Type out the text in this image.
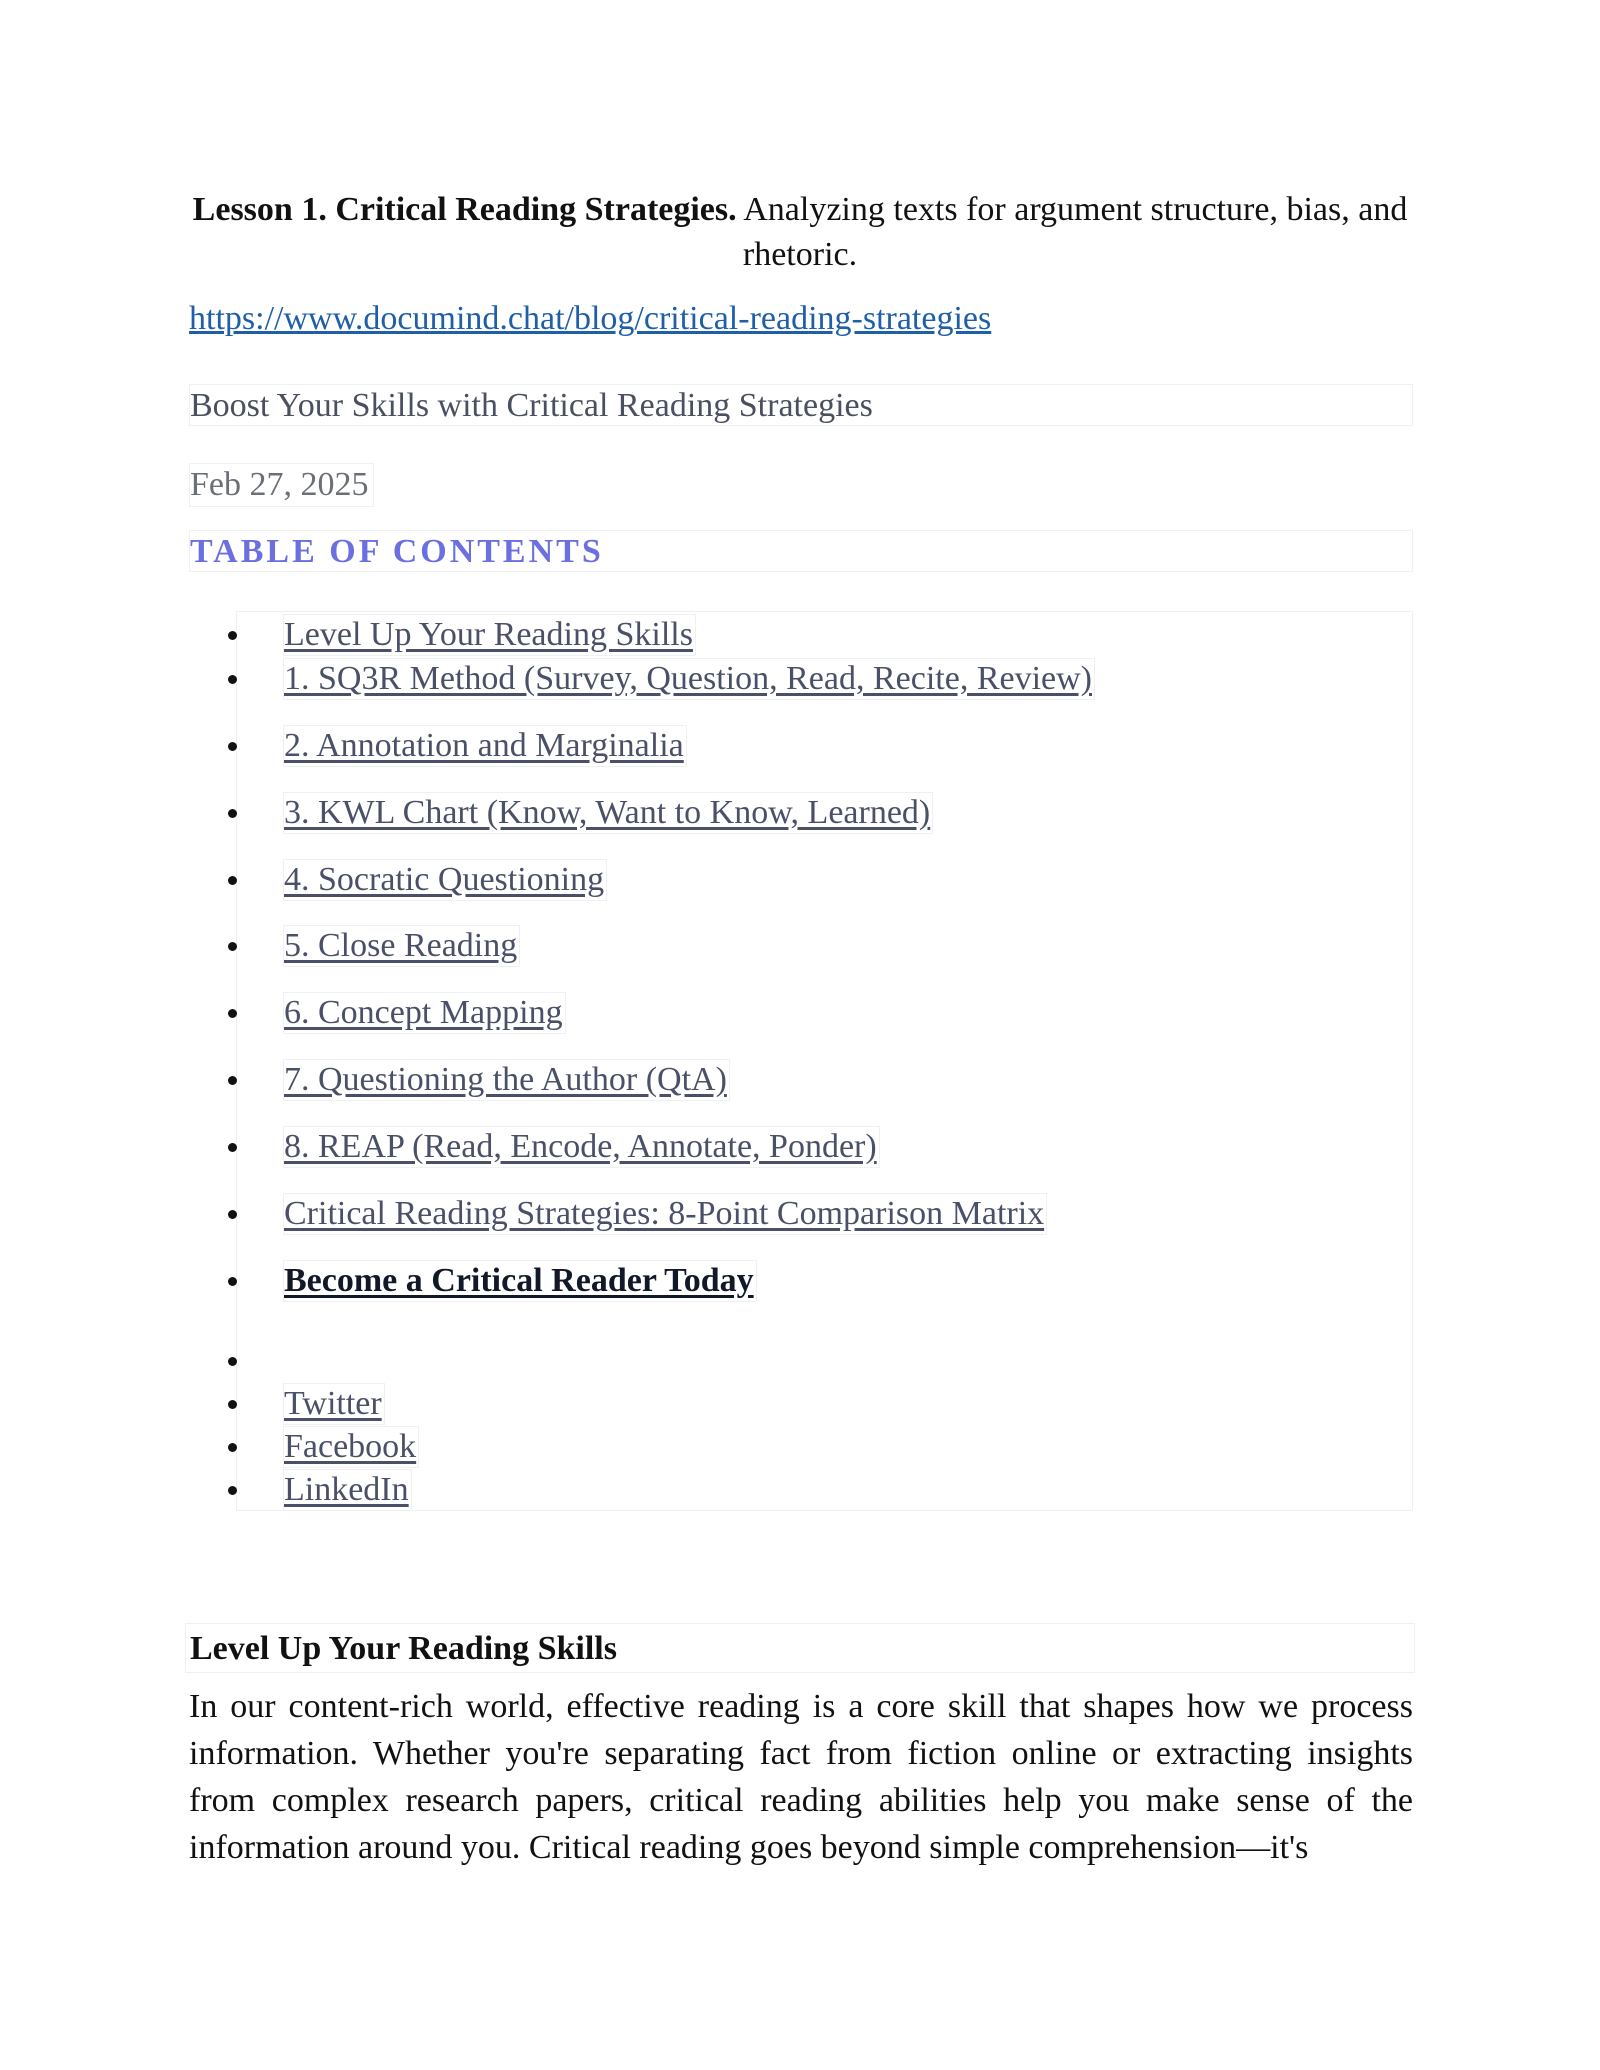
Lesson 1. Critical Reading Strategies. Analyzing texts for argument structure, bias, and rhetoric.
https://www.documind.chat/blog/critical-reading-strategies
Boost Your Skills with Critical Reading Strategies
Feb 27, 2025
TABLE OF CONTENTS
Level Up Your Reading Skills
1. SQ3R Method (Survey, Question, Read, Recite, Review)
2. Annotation and Marginalia
3. KWL Chart (Know, Want to Know, Learned)
4. Socratic Questioning
5. Close Reading
6. Concept Mapping
7. Questioning the Author (QtA)
8. REAP (Read, Encode, Annotate, Ponder)
Critical Reading Strategies: 8-Point Comparison Matrix
Become a Critical Reader Today
Twitter
Facebook
LinkedIn
Level Up Your Reading Skills

In our content-rich world, effective reading is a core skill that shapes how we process information. Whether you're separating fact from fiction online or extracting insights from complex research papers, critical reading abilities help you make sense of the information around you. Critical reading goes beyond simple comprehension—it's
